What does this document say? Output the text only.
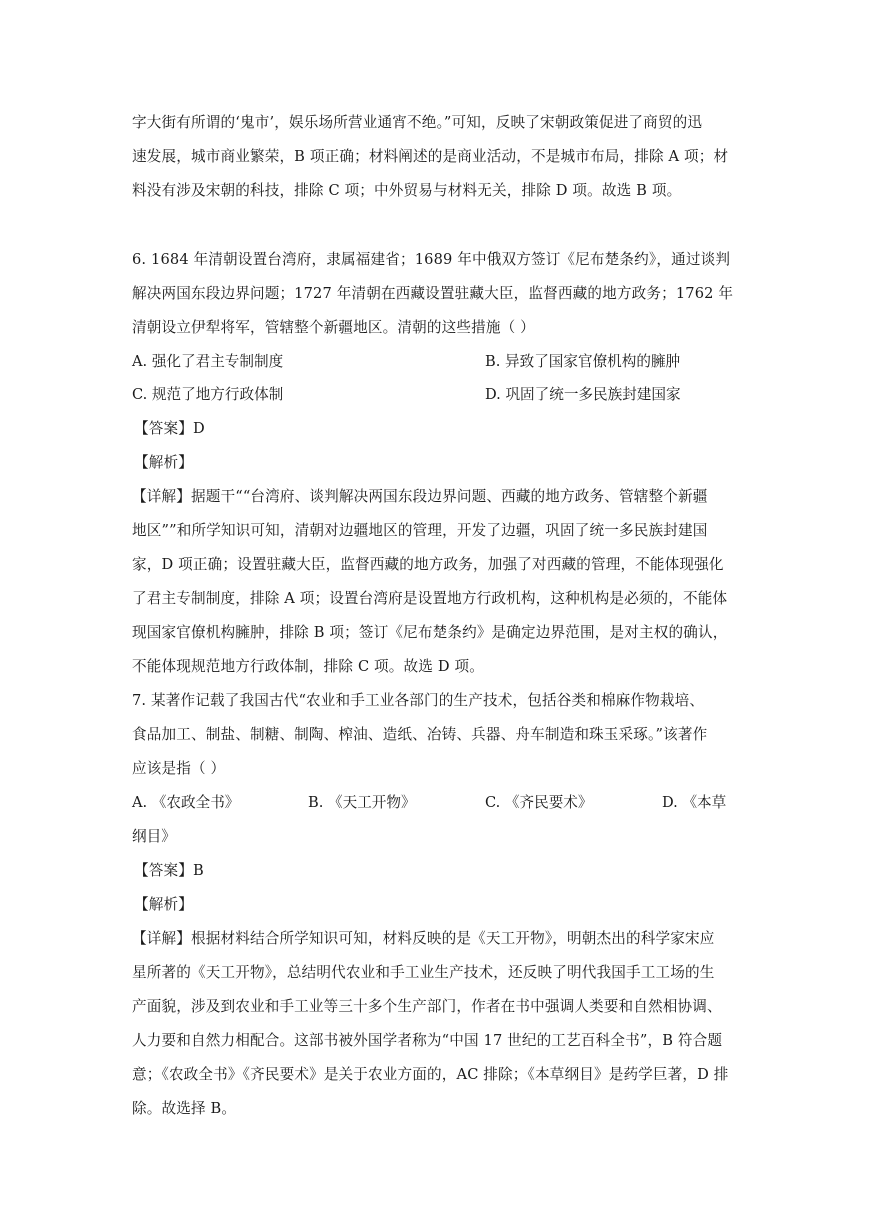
字大街有所谓的‘鬼市’，娱乐场所营业通宵不绝。”可知，反映了宋朝政策促进了商贸的迅
速发展，城市商业繁荣，B 项正确；材料阐述的是商业活动，不是城市布局，排除 A 项；材
料没有涉及宋朝的科技，排除 C 项；中外贸易与材料无关，排除 D 项。故选 B 项。
6. 1684 年清朝设置台湾府，隶属福建省；1689 年中俄双方签订《尼布楚条约》，通过谈判
解决两国东段边界问题；1727 年清朝在西藏设置驻藏大臣，监督西藏的地方政务；1762 年
清朝设立伊犁将军，管辖整个新疆地区。清朝的这些措施（ ）
A. 强化了君主专制制度	B. 异致了国家官僚机构的臃肿
C. 规范了地方行政体制	D. 巩固了统一多民族封建国家
【答案】D
【解析】
【详解】据题干““台湾府、谈判解决两国东段边界问题、西藏的地方政务、管辖整个新疆
地区””和所学知识可知，清朝对边疆地区的管理，开发了边疆，巩固了统一多民族封建国
家，D 项正确；设置驻藏大臣，监督西藏的地方政务，加强了对西藏的管理，不能体现强化
了君主专制制度，排除 A 项；设置台湾府是设置地方行政机构，这种机构是必须的，不能体
现国家官僚机构臃肿，排除 B 项；签订《尼布楚条约》是确定边界范围，是对主权的确认，
不能体现规范地方行政体制，排除 C 项。故选 D 项。
7. 某著作记载了我国古代“农业和手工业各部门的生产技术，包括谷类和棉麻作物栽培、
食品加工、制盐、制糖、制陶、榨油、造纸、冶铸、兵器、舟车制造和珠玉采琢。”该著作
应该是指（ ）
A. 《农政全书》	B. 《天工开物》	C. 《齐民要术》	D. 《本草
纲目》
【答案】B
【解析】
【详解】根据材料结合所学知识可知，材料反映的是《天工开物》，明朝杰出的科学家宋应
星所著的《天工开物》，总结明代农业和手工业生产技术，还反映了明代我国手工工场的生
产面貌，涉及到农业和手工业等三十多个生产部门，作者在书中强调人类要和自然相协调、
人力要和自然力相配合。这部书被外国学者称为“中国 17 世纪的工艺百科全书”，B 符合题
意；《农政全书》《齐民要术》是关于农业方面的，AC 排除；《本草纲目》是药学巨著，D 排
除。故选择 B。
